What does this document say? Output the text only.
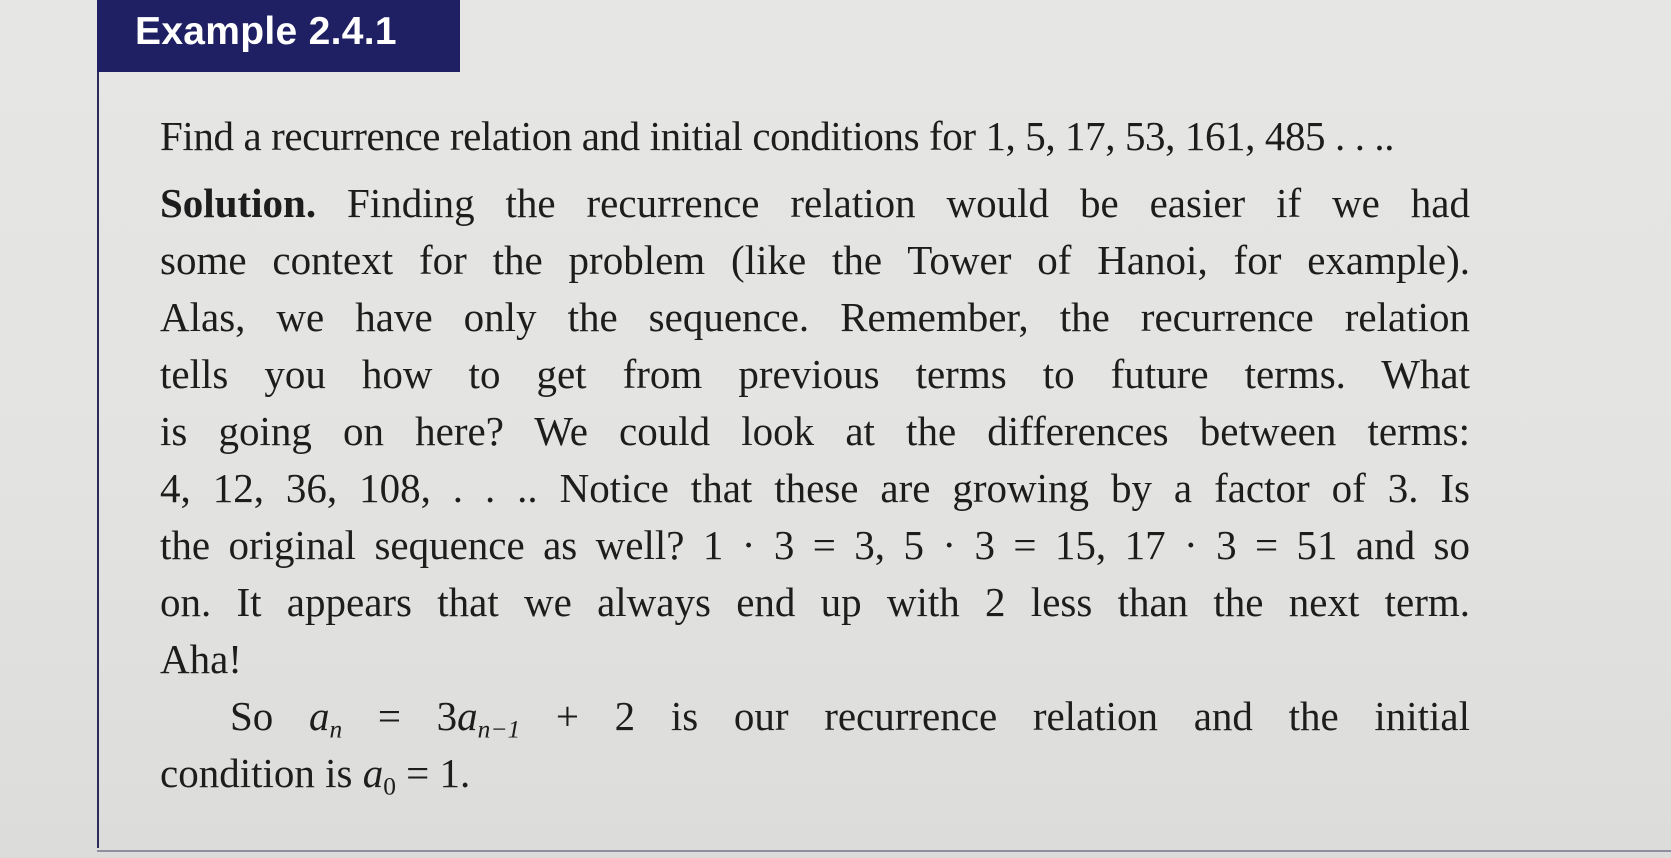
Example 2.4.1
Find a recurrence relation and initial conditions for 1, 5, 17, 53, 161, 485 . . ..
Solution. Finding the recurrence relation would be easier if we had
some context for the problem (like the Tower of Hanoi, for example).
Alas, we have only the sequence. Remember, the recurrence relation
tells you how to get from previous terms to future terms. What
is going on here? We could look at the differences between terms:
4, 12, 36, 108, . . .. Notice that these are growing by a factor of 3. Is
the original sequence as well? 1 · 3 = 3, 5 · 3 = 15, 17 · 3 = 51 and so
on. It appears that we always end up with 2 less than the next term.
Aha!
So $a_n = 3a_{n-1} + 2$ is our recurrence relation and the initial
condition is $a_0 = 1$.
